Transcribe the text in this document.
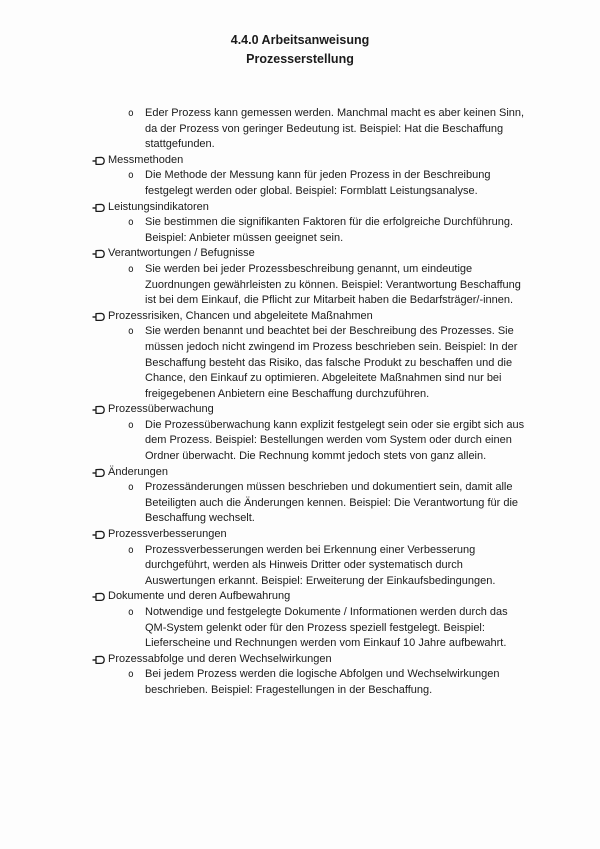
4.4.0 Arbeitsanweisung
Prozesserstellung
o	Eder Prozess kann gemessen werden. Manchmal macht es aber keinen Sinn, da der Prozess von geringer Bedeutung ist. Beispiel: Hat die Beschaffung stattgefunden.
Messmethoden
o	Die Methode der Messung kann für jeden Prozess in der Beschreibung festgelegt werden oder global. Beispiel: Formblatt Leistungsanalyse.
Leistungsindikatoren
o	Sie bestimmen die signifikanten Faktoren für die erfolgreiche Durchführung. Beispiel: Anbieter müssen geeignet sein.
Verantwortungen / Befugnisse
o	Sie werden bei jeder Prozessbeschreibung genannt, um eindeutige Zuordnungen gewährleisten zu können. Beispiel: Verantwortung Beschaffung ist bei dem Einkauf, die Pflicht zur Mitarbeit haben die Bedarfsträger/-innen.
Prozessrisiken, Chancen und abgeleitete Maßnahmen
o	Sie werden benannt und beachtet bei der Beschreibung des Prozesses. Sie müssen jedoch nicht zwingend im Prozess beschrieben sein. Beispiel: In der Beschaffung besteht das Risiko, das falsche Produkt zu beschaffen und die Chance, den Einkauf zu optimieren. Abgeleitete Maßnahmen sind nur bei freigegebenen Anbietern eine Beschaffung durchzuführen.
Prozessüberwachung
o	Die Prozessüberwachung kann explizit festgelegt sein oder sie ergibt sich aus dem Prozess. Beispiel: Bestellungen werden vom System oder durch einen Ordner überwacht. Die Rechnung kommt jedoch stets von ganz allein.
Änderungen
o	Prozessänderungen müssen beschrieben und dokumentiert sein, damit alle Beteiligten auch die Änderungen kennen. Beispiel: Die Verantwortung für die Beschaffung wechselt.
Prozessverbesserungen
o	Prozessverbesserungen werden bei Erkennung einer Verbesserung durchgeführt, werden als Hinweis Dritter oder systematisch durch Auswertungen erkannt. Beispiel: Erweiterung der Einkaufsbedingungen.
Dokumente und deren Aufbewahrung
o	Notwendige und festgelegte Dokumente / Informationen werden durch das QM-System gelenkt oder für den Prozess speziell festgelegt. Beispiel: Lieferscheine und Rechnungen werden vom Einkauf 10 Jahre aufbewahrt.
Prozessabfolge und deren Wechselwirkungen
o	Bei jedem Prozess werden die logische Abfolgen und Wechselwirkungen beschrieben. Beispiel: Fragestellungen in der Beschaffung.
